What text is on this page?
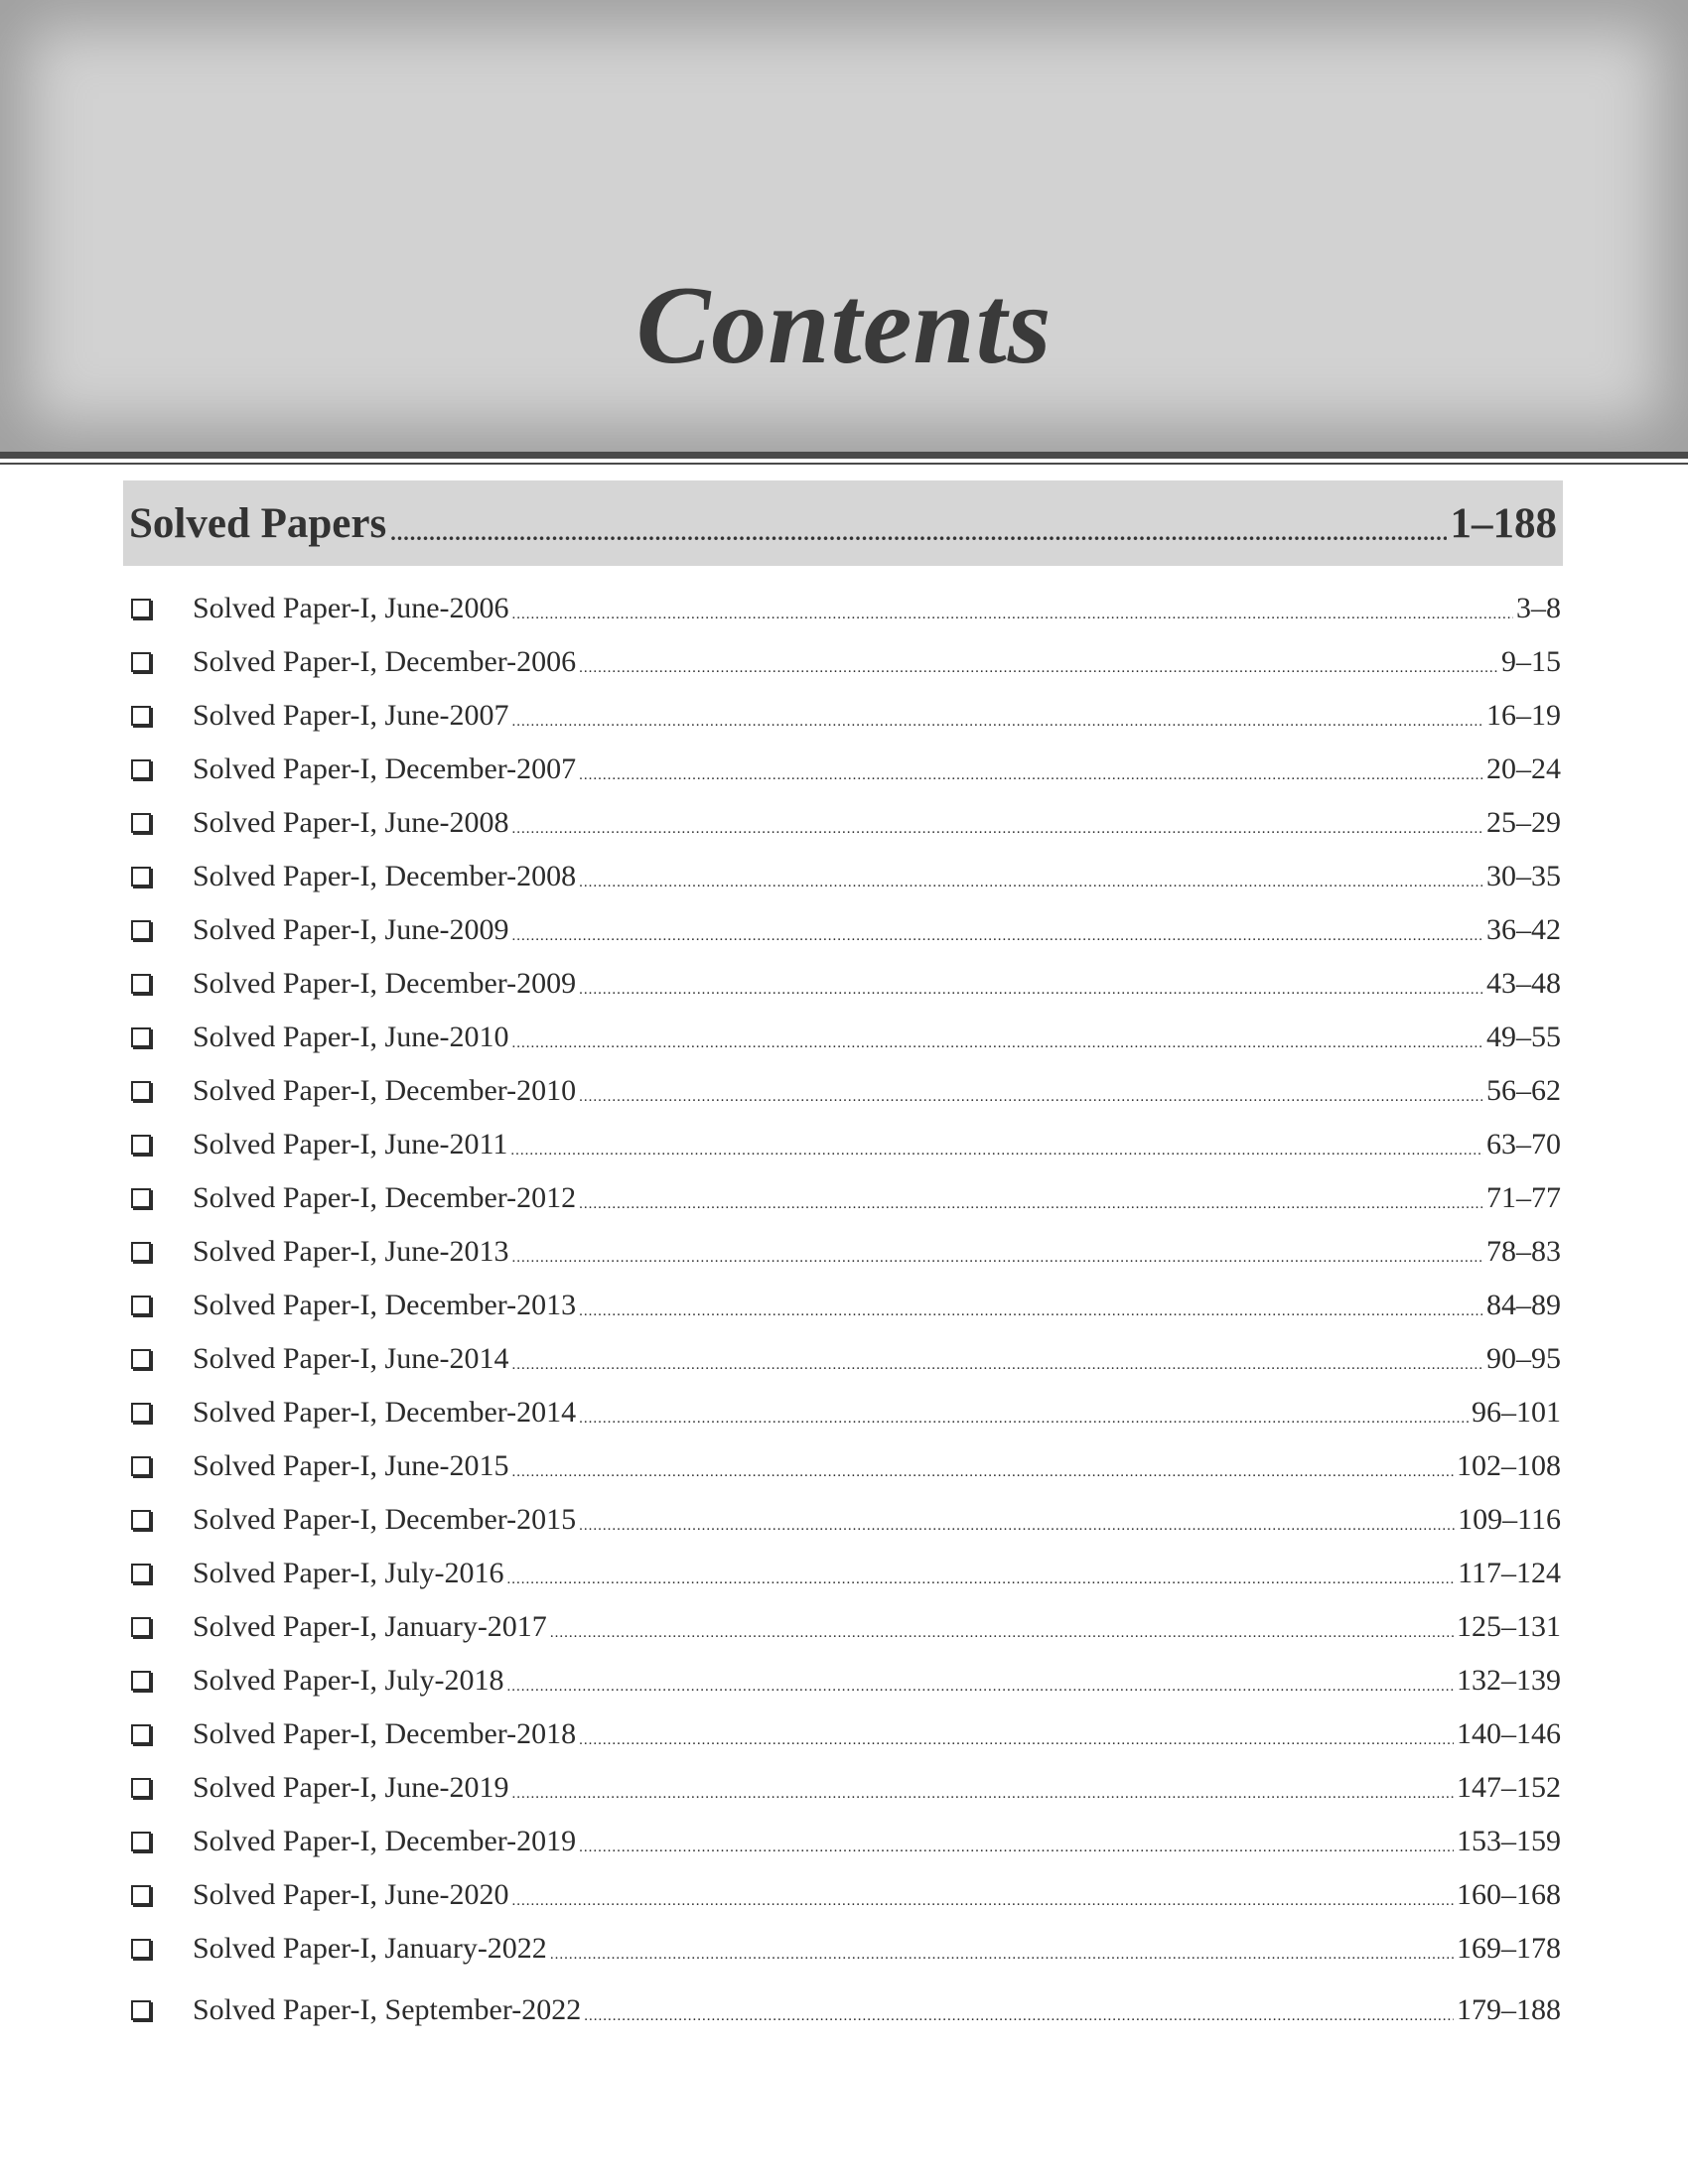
Contents
Solved Papers .....	1–188
Solved Paper-I, June-2006 .....	3–8
Solved Paper-I, December-2006 .....	9–15
Solved Paper-I, June-2007 .....	16–19
Solved Paper-I, December-2007 .....	20–24
Solved Paper-I, June-2008 .....	25–29
Solved Paper-I, December-2008 .....	30–35
Solved Paper-I, June-2009 .....	36–42
Solved Paper-I, December-2009 .....	43–48
Solved Paper-I, June-2010 .....	49–55
Solved Paper-I, December-2010 .....	56–62
Solved Paper-I, June-2011 .....	63–70
Solved Paper-I, December-2012 .....	71–77
Solved Paper-I, June-2013 .....	78–83
Solved Paper-I, December-2013 .....	84–89
Solved Paper-I, June-2014 .....	90–95
Solved Paper-I, December-2014 .....	96–101
Solved Paper-I, June-2015 .....	102–108
Solved Paper-I, December-2015 .....	109–116
Solved Paper-I, July-2016 .....	117–124
Solved Paper-I, January-2017 .....	125–131
Solved Paper-I, July-2018 .....	132–139
Solved Paper-I, December-2018 .....	140–146
Solved Paper-I, June-2019 .....	147–152
Solved Paper-I, December-2019 .....	153–159
Solved Paper-I, June-2020 .....	160–168
Solved Paper-I, January-2022 .....	169–178
Solved Paper-I, September-2022 .....	179–188
